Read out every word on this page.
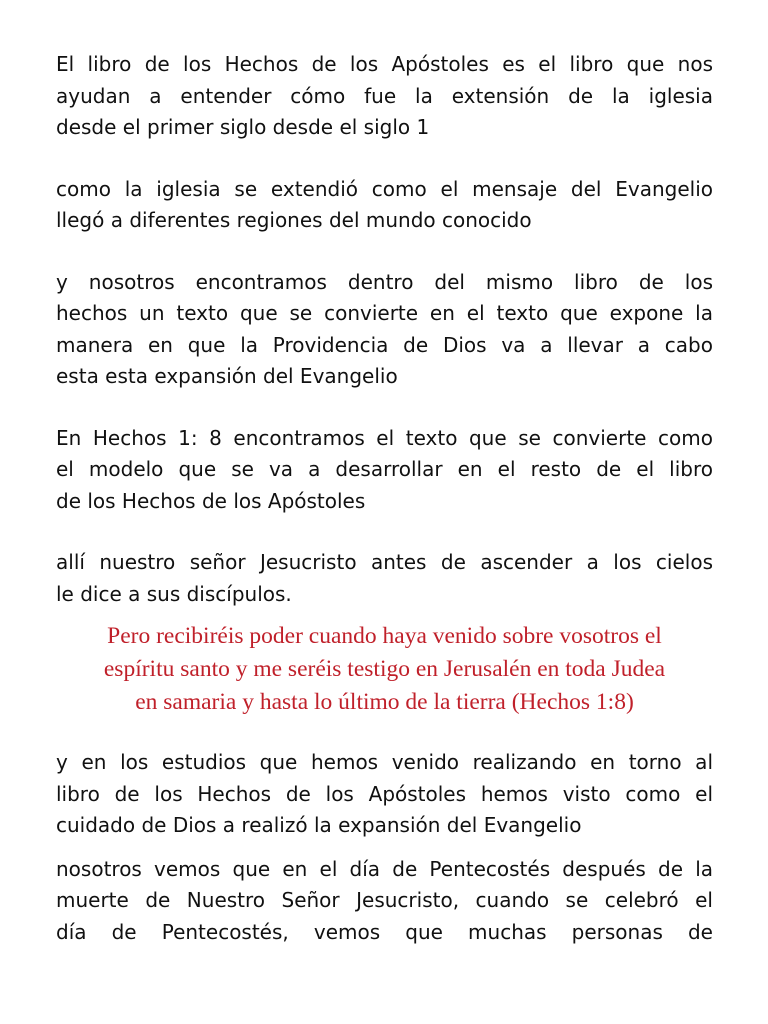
El libro de los Hechos de los Apóstoles es el libro que nos
ayudan a entender cómo fue la extensión de la iglesia
desde el primer siglo desde el siglo 1

como la iglesia se extendió como el mensaje del Evangelio
llegó a diferentes regiones del mundo conocido

y nosotros encontramos dentro del mismo libro de los
hechos un texto que se convierte en el texto que expone la
manera en que la Providencia de Dios va a llevar a cabo
esta esta expansión del Evangelio

En Hechos 1: 8 encontramos el texto que se convierte como
el modelo que se va a desarrollar en el resto de el libro
de los Hechos de los Apóstoles

allí nuestro señor Jesucristo antes de ascender a los cielos
le dice a sus discípulos.

Pero recibiréis poder cuando haya venido sobre vosotros el
espíritu santo y me seréis testigo en Jerusalén en toda Judea
en samaria y hasta lo último de la tierra (Hechos 1:8)

y en los estudios que hemos venido realizando en torno al
libro de los Hechos de los Apóstoles hemos visto como el
cuidado de Dios a realizó la expansión del Evangelio

nosotros vemos que en el día de Pentecostés después de la
muerte de Nuestro Señor Jesucristo, cuando se celebró el
día de Pentecostés, vemos que muchas personas de
